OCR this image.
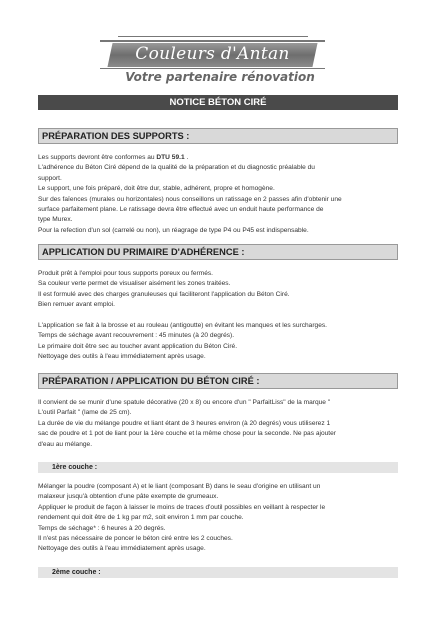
Couleurs d'Antan
Votre partenaire rénovation
NOTICE BÉTON CIRÉ
PRÉPARATION DES SUPPORTS :

Les supports devront être conformes au DTU 59.1 .

L'adhérence du Béton Ciré dépend de la qualité de la préparation et du diagnostic préalable du

support.

Le support, une fois préparé, doit être dur, stable, adhérent, propre et homogène.

Sur des faïences (murales ou horizontales) nous conseillons un ratissage en 2 passes afin d'obtenir une

surface parfaitement plane. Le ratissage devra être effectué avec un enduit haute performance de

type Murex.

Pour la refection d'un sol (carrelé ou non), un réagrage de type P4 ou P45 est indispensable.

APPLICATION DU PRIMAIRE D'ADHÉRENCE :

Produit prêt à l'emploi pour tous supports poreux ou fermés.

Sa couleur verte permet de visualiser aisément les zones traitées.

Il est formulé avec des charges granuleuses qui faciliteront l'application du Béton Ciré.

Bien remuer avant emploi.

L'application se fait à la brosse et au rouleau (antigoutte) en évitant les manques et les surcharges.

Temps de séchage avant recouvrement : 45 minutes (à 20 degrés).

Le primaire doit être sec au toucher avant application du Béton Ciré.

Nettoyage des outils à l'eau immédiatement après usage.

PRÉPARATION / APPLICATION DU BÉTON CIRÉ :

Il convient de se munir d'une spatule décorative (20 x 8) ou encore d'un " ParfaitLiss" de la marque "

L'outil Parfait " (lame de 25 cm).

La durée de vie du mélange poudre et liant étant de 3 heures environ (à 20 degrés) vous utiliserez 1

sac de poudre et 1 pot de liant pour la 1ère couche et la même chose pour la seconde. Ne pas ajouter

d'eau au mélange.

1ère couche :

Mélanger la poudre (composant A) et le liant (composant B) dans le seau d'origine en utilisant un

malaxeur jusqu'à obtention d'une pâte exempte de grumeaux.

Appliquer le produit de façon à laisser le moins de traces d'outil possibles en veillant à respecter le

rendement qui doit être de 1 kg par m2, soit environ 1 mm par couche.

Temps de séchage* : 6 heures à 20 degrés.

Il n'est pas nécessaire de poncer le béton ciré entre les 2 couches.

Nettoyage des outils à l'eau immédiatement après usage.

2ème couche :
